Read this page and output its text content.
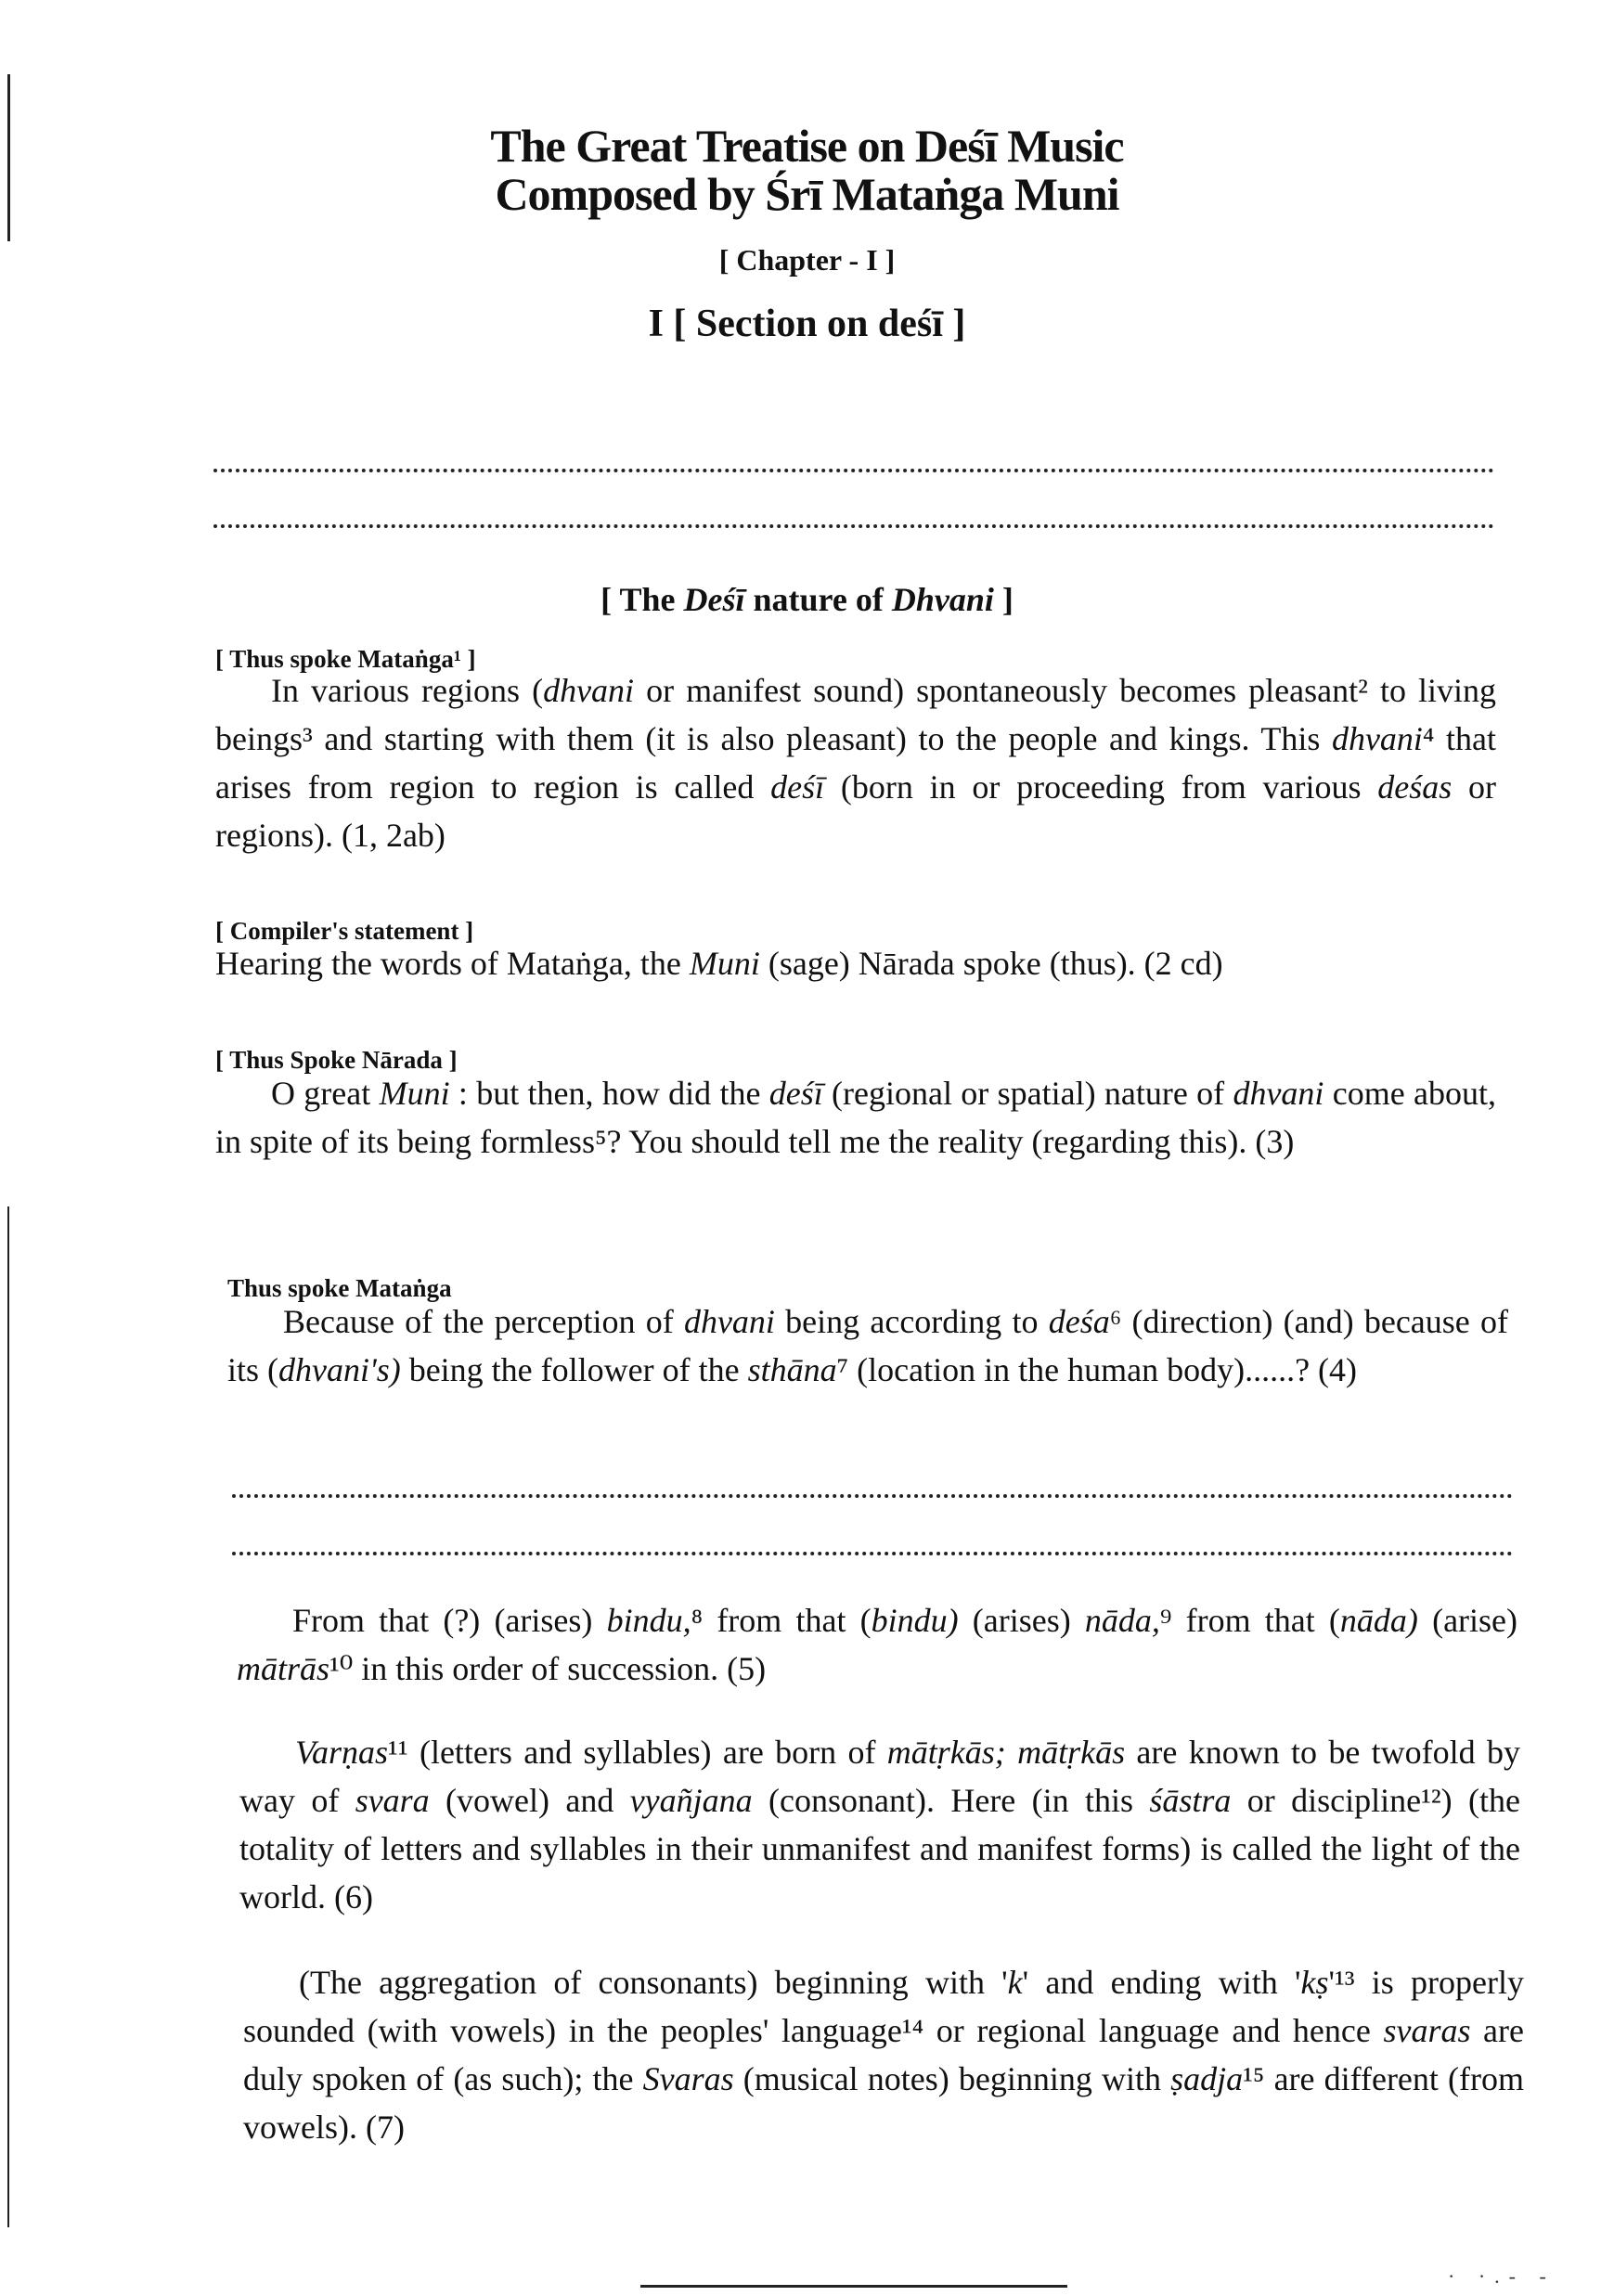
The Great Treatise on Deśī Music
Composed by Śrī Mataṅga Muni
[ Chapter - I ]
I [ Section on deśī ]
[ The Deśī nature of Dhvani ]
[ Thus spoke Mataṅga¹ ]

In various regions (dhvani or manifest sound) spontaneously becomes pleasant² to living beings³ and starting with them (it is also pleasant) to the people and kings. This dhvani⁴ that arises from region to region is called deśī (born in or proceeding from various deśas or regions). (1, 2ab)

[ Compiler's statement ]

Hearing the words of Mataṅga, the Muni (sage) Nārada spoke (thus). (2 cd)

[ Thus Spoke Nārada ]

O great Muni : but then, how did the deśī (regional or spatial) nature of dhvani come about, in spite of its being formless⁵? You should tell me the reality (regarding this). (3)

Thus spoke Mataṅga

Because of the perception of dhvani being according to deśa⁶ (direction) (and) because of its (dhvani's) being the follower of the sthāna⁷ (location in the human body)......? (4)

From that (?) (arises) bindu,⁸ from that (bindu) (arises) nāda,⁹ from that (nāda) (arise) mātrās¹⁰ in this order of succession. (5)

Varṇas¹¹ (letters and syllables) are born of mātṛkās; mātṛkās are known to be twofold by way of svara (vowel) and vyañjana (consonant). Here (in this śāstra or discipline¹²) (the totality of letters and syllables in their unmanifest and manifest forms) is called the light of the world. (6)

(The aggregation of consonants) beginning with 'k' and ending with 'kṣ'¹³ is properly sounded (with vowels) in the peoples' language¹⁴ or regional language and hence svaras are duly spoken of (as such); the Svaras (musical notes) beginning with ṣadja¹⁵ are different (from vowels). (7)

· ·.- -
